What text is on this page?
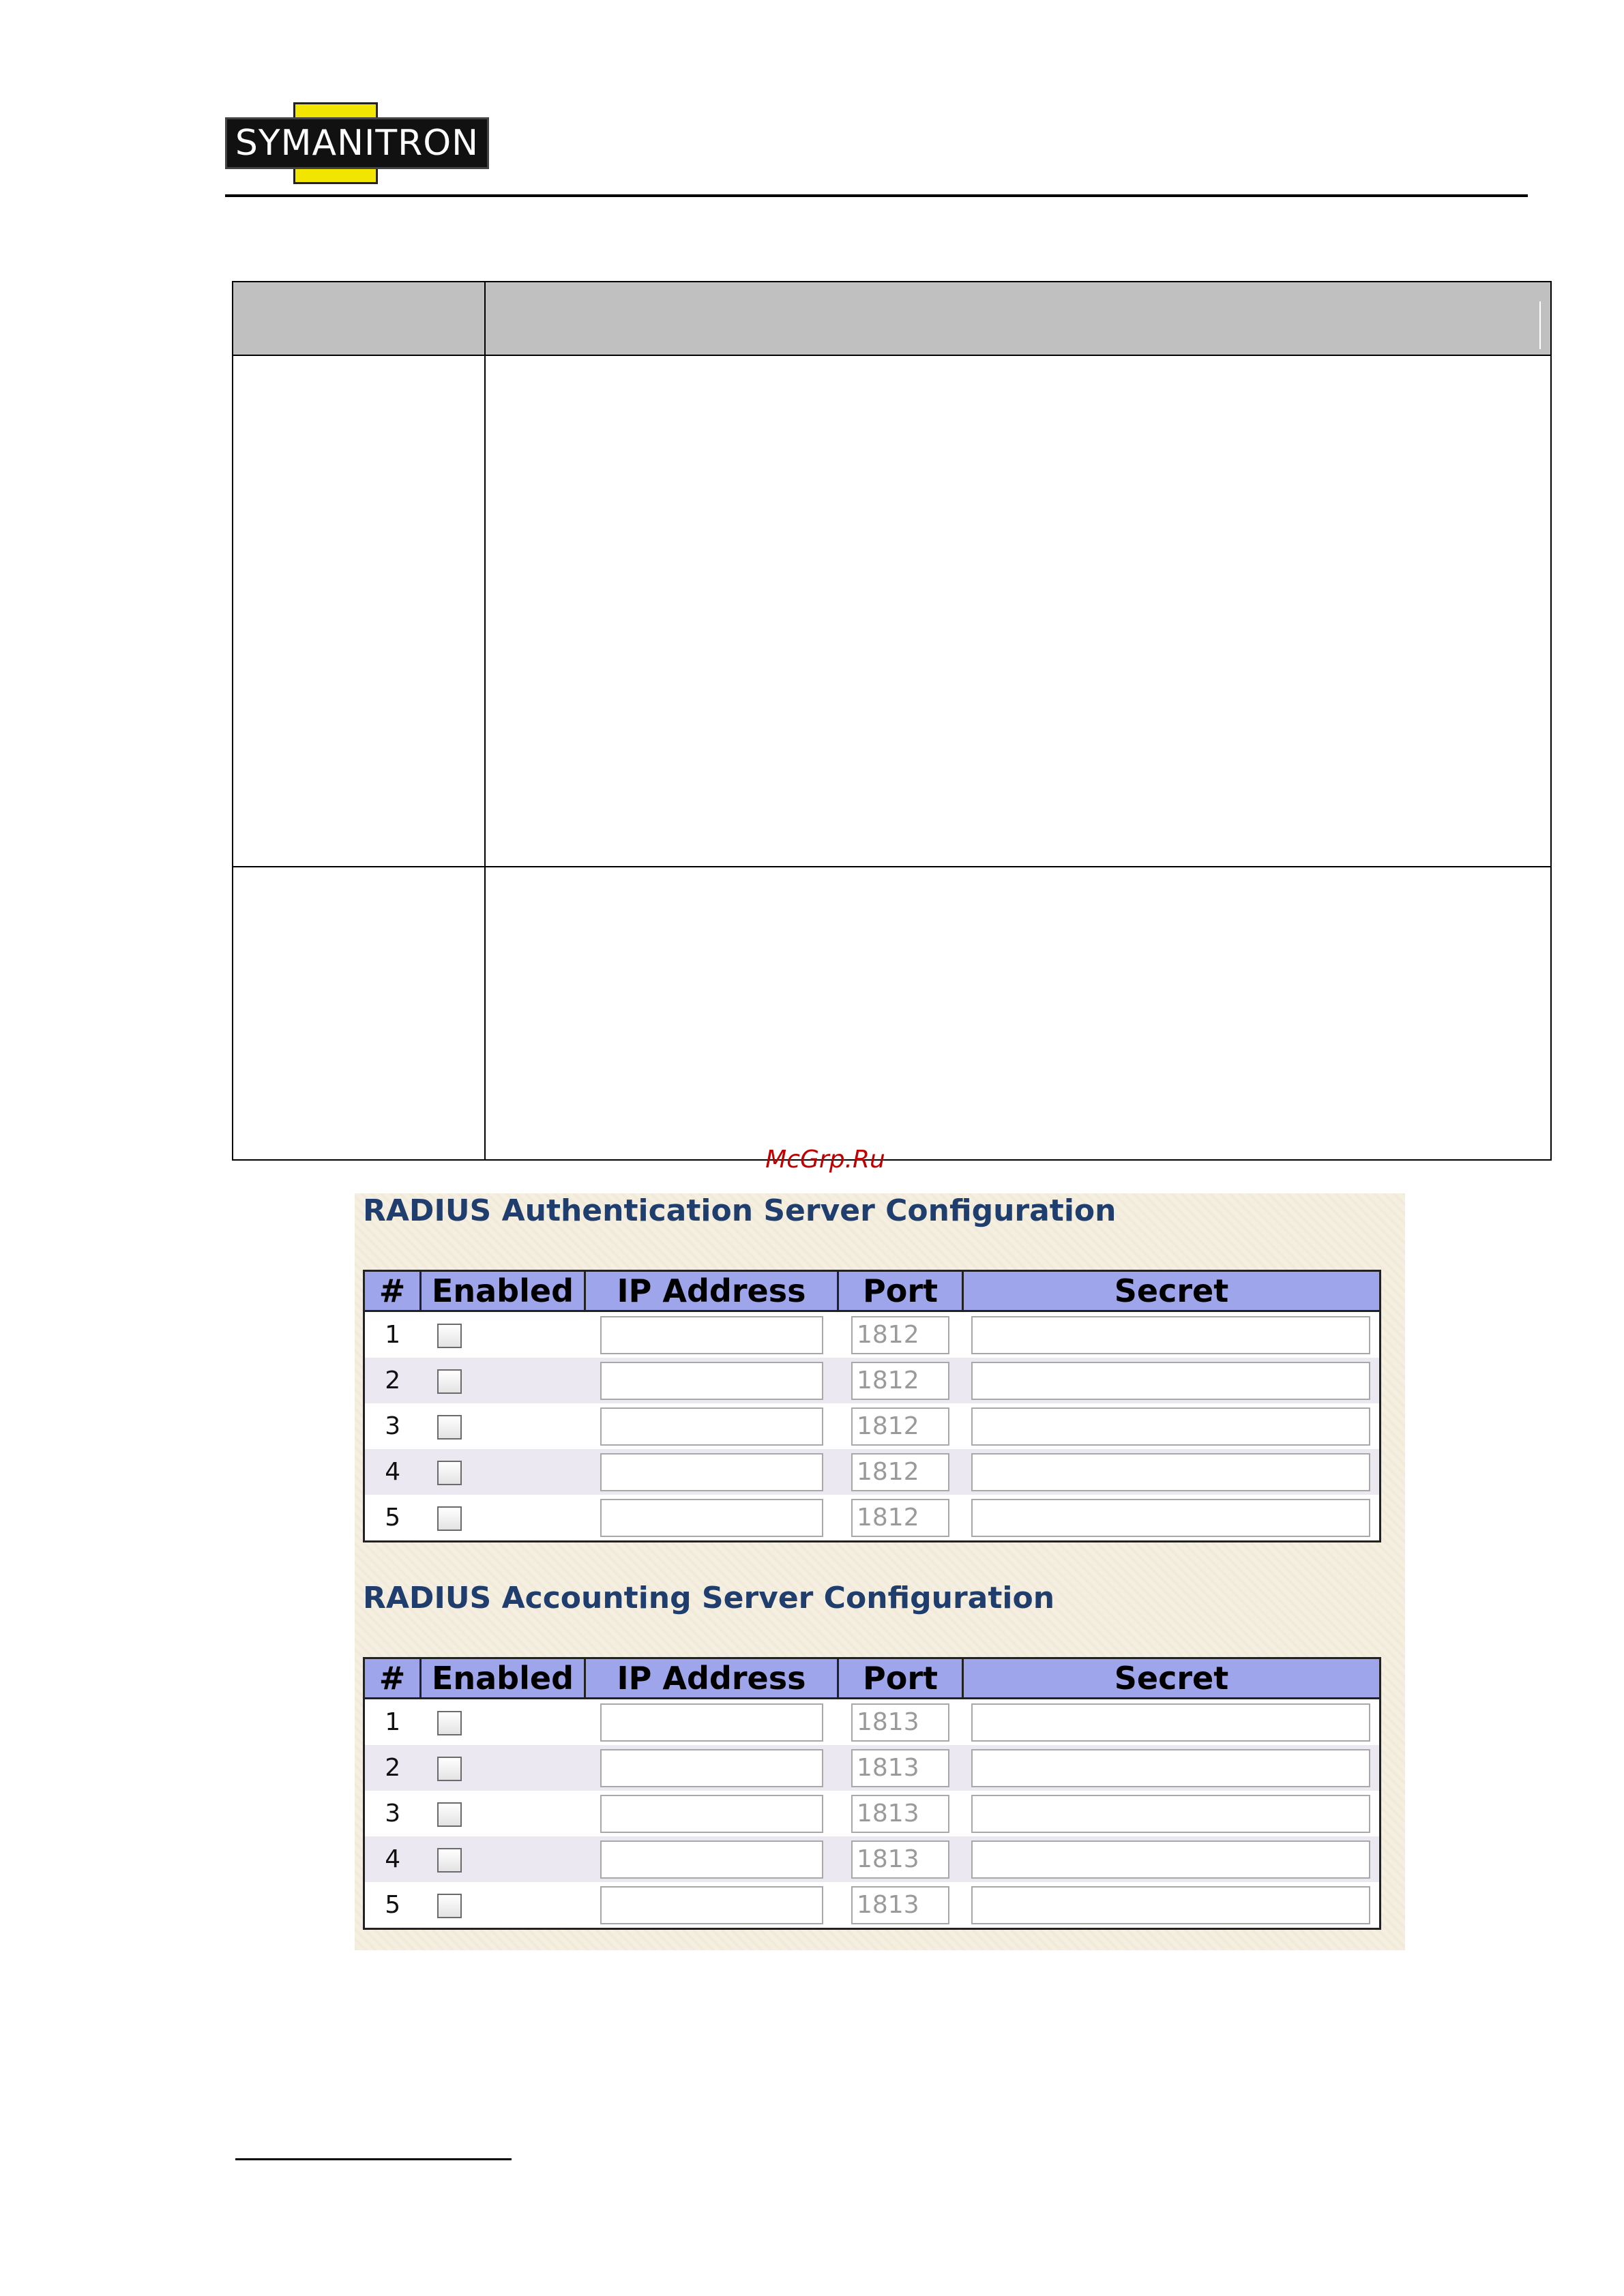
SYMANITRON
McGrp.Ru
RADIUS Authentication Server Configuration
#	Enabled	IP Address	Port	Secret
1			1812	
2			1812	
3			1812	
4			1812	
5			1812	
RADIUS Accounting Server Configuration
#	Enabled	IP Address	Port	Secret
1			1813	
2			1813	
3			1813	
4			1813	
5			1813	
